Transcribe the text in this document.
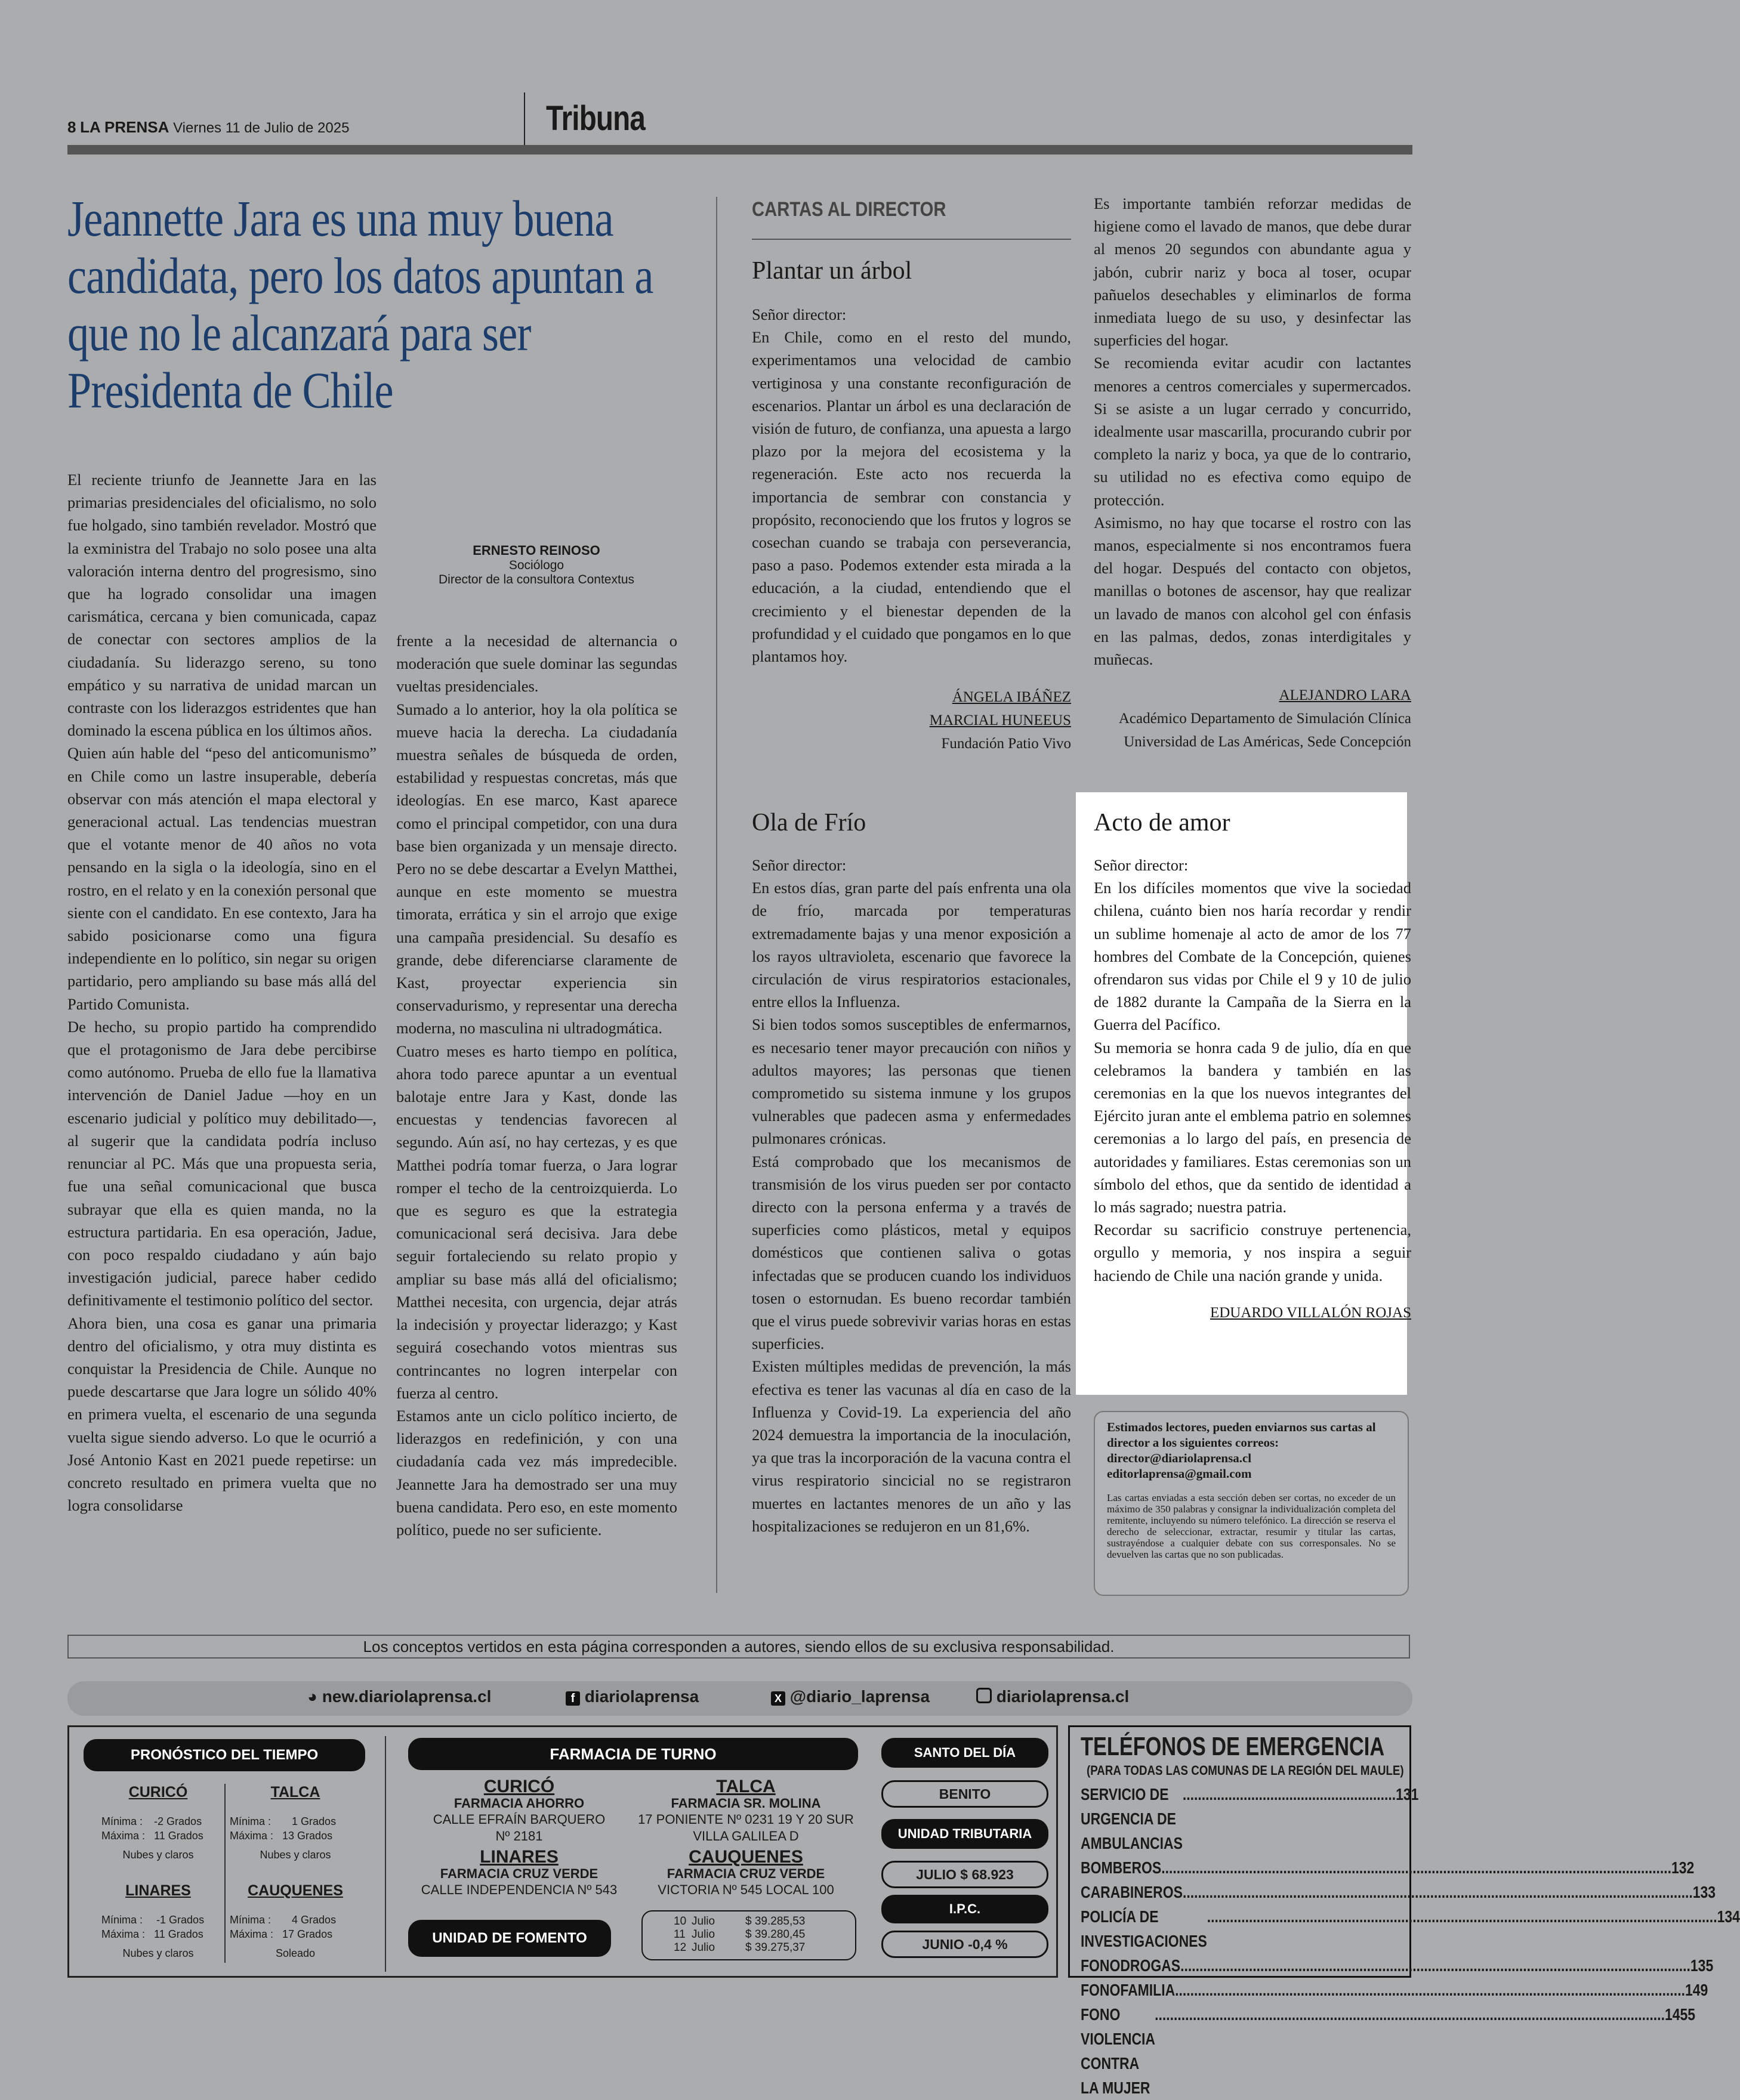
8 LA PRENSA Viernes 11 de Julio de 2025	Tribuna
Jeannette Jara es una muy buena candidata, pero los datos apuntan a que no le alcanzará para ser Presidenta de Chile
ERNESTO REINOSO
Sociólogo
Director de la consultora Contextus

El reciente triunfo de Jeannette Jara en las primarias presidenciales del oficialismo, no solo fue holgado, sino también revelador. Mostró que la exministra del Trabajo no solo posee una alta valoración interna dentro del progresismo, sino que ha logrado consolidar una imagen carismática, cercana y bien comunicada, capaz de conectar con sectores amplios de la ciudadanía. Su liderazgo sereno, su tono empático y su narrativa de unidad marcan un contraste con los liderazgos estridentes que han dominado la escena pública en los últimos años.

Quien aún hable del “peso del anticomunismo” en Chile como un lastre insuperable, debería observar con más atención el mapa electoral y generacional actual. Las tendencias muestran que el votante menor de 40 años no vota pensando en la sigla o la ideología, sino en el rostro, en el relato y en la conexión personal que siente con el candidato. En ese contexto, Jara ha sabido posicionarse como una figura independiente en lo político, sin negar su origen partidario, pero ampliando su base más allá del Partido Comunista.

De hecho, su propio partido ha comprendido que el protagonismo de Jara debe percibirse como autónomo. Prueba de ello fue la llamativa intervención de Daniel Jadue —hoy en un escenario judicial y político muy debilitado—, al sugerir que la candidata podría incluso renunciar al PC. Más que una propuesta seria, fue una señal comunicacional que busca subrayar que ella es quien manda, no la estructura partidaria. En esa operación, Jadue, con poco respaldo ciudadano y aún bajo investigación judicial, parece haber cedido definitivamente el testimonio político del sector.

Ahora bien, una cosa es ganar una primaria dentro del oficialismo, y otra muy distinta es conquistar la Presidencia de Chile. Aunque no puede descartarse que Jara logre un sólido 40% en primera vuelta, el escenario de una segunda vuelta sigue siendo adverso. Lo que le ocurrió a José Antonio Kast en 2021 puede repetirse: un concreto resultado en primera vuelta que no logra consolidarse

frente a la necesidad de alternancia o moderación que suele dominar las segundas vueltas presidenciales.

Sumado a lo anterior, hoy la ola política se mueve hacia la derecha. La ciudadanía muestra señales de búsqueda de orden, estabilidad y respuestas concretas, más que ideologías. En ese marco, Kast aparece como el principal competidor, con una dura base bien organizada y un mensaje directo. Pero no se debe descartar a Evelyn Matthei, aunque en este momento se muestra timorata, errática y sin el arrojo que exige una campaña presidencial. Su desafío es grande, debe diferenciarse claramente de Kast, proyectar experiencia sin conservadurismo, y representar una derecha moderna, no masculina ni ultradogmática.

Cuatro meses es harto tiempo en política, ahora todo parece apuntar a un eventual balotaje entre Jara y Kast, donde las encuestas y tendencias favorecen al segundo. Aún así, no hay certezas, y es que Matthei podría tomar fuerza, o Jara lograr romper el techo de la centroizquierda. Lo que es seguro es que la estrategia comunicacional será decisiva. Jara debe seguir fortaleciendo su relato propio y ampliar su base más allá del oficialismo; Matthei necesita, con urgencia, dejar atrás la indecisión y proyectar liderazgo; y Kast seguirá cosechando votos mientras sus contrincantes no logren interpelar con fuerza al centro.

Estamos ante un ciclo político incierto, de liderazgos en redefinición, y con una ciudadanía cada vez más impredecible. Jeannette Jara ha demostrado ser una muy buena candidata. Pero eso, en este momento político, puede no ser suficiente.

CARTAS AL DIRECTOR
Plantar un árbol

Señor director:

En Chile, como en el resto del mundo, experimentamos una velocidad de cambio vertiginosa y una constante reconfiguración de escenarios. Plantar un árbol es una declaración de visión de futuro, de confianza, una apuesta a largo plazo por la mejora del ecosistema y la regeneración. Este acto nos recuerda la importancia de sembrar con constancia y propósito, reconociendo que los frutos y logros se cosechan cuando se trabaja con perseverancia, paso a paso. Podemos extender esta mirada a la educación, a la ciudad, entendiendo que el crecimiento y el bienestar dependen de la profundidad y el cuidado que pongamos en lo que plantamos hoy.

ÁNGELA IBÁÑEZ
MARCIAL HUNEEUS
Fundación Patio Vivo

Es importante también reforzar medidas de higiene como el lavado de manos, que debe durar al menos 20 segundos con abundante agua y jabón, cubrir nariz y boca al toser, ocupar pañuelos desechables y eliminarlos de forma inmediata luego de su uso, y desinfectar las superficies del hogar.

Se recomienda evitar acudir con lactantes menores a centros comerciales y supermercados. Si se asiste a un lugar cerrado y concurrido, idealmente usar mascarilla, procurando cubrir por completo la nariz y boca, ya que de lo contrario, su utilidad no es efectiva como equipo de protección.

Asimismo, no hay que tocarse el rostro con las manos, especialmente si nos encontramos fuera del hogar. Después del contacto con objetos, manillas o botones de ascensor, hay que realizar un lavado de manos con alcohol gel con énfasis en las palmas, dedos, zonas interdigitales y muñecas.

ALEJANDRO LARA
Académico Departamento de Simulación Clínica
Universidad de Las Américas, Sede Concepción
Ola de Frío

Señor director:

En estos días, gran parte del país enfrenta una ola de frío, marcada por temperaturas extremadamente bajas y una menor exposición a los rayos ultravioleta, escenario que favorece la circulación de virus respiratorios estacionales, entre ellos la Influenza.

Si bien todos somos susceptibles de enfermarnos, es necesario tener mayor precaución con niños y adultos mayores; las personas que tienen comprometido su sistema inmune y los grupos vulnerables que padecen asma y enfermedades pulmonares crónicas.

Está comprobado que los mecanismos de transmisión de los virus pueden ser por contacto directo con la persona enferma y a través de superficies como plásticos, metal y equipos domésticos que contienen saliva o gotas infectadas que se producen cuando los individuos tosen o estornudan. Es bueno recordar también que el virus puede sobrevivir varias horas en estas superficies.

Existen múltiples medidas de prevención, la más efectiva es tener las vacunas al día en caso de la Influenza y Covid-19. La experiencia del año 2024 demuestra la importancia de la inoculación, ya que tras la incorporación de la vacuna contra el virus respiratorio sincicial no se registraron muertes en lactantes menores de un año y las hospitalizaciones se redujeron en un 81,6%.

Acto de amor

Señor director:

En los difíciles momentos que vive la sociedad chilena, cuánto bien nos haría recordar y rendir un sublime homenaje al acto de amor de los 77 hombres del Combate de la Concepción, quienes ofrendaron sus vidas por Chile el 9 y 10 de julio de 1882 durante la Campaña de la Sierra en la Guerra del Pacífico.

Su memoria se honra cada 9 de julio, día en que celebramos la bandera y también en las ceremonias en la que los nuevos integrantes del Ejército juran ante el emblema patrio en solemnes ceremonias a lo largo del país, en presencia de autoridades y familiares. Estas ceremonias son un símbolo del ethos, que da sentido de identidad a lo más sagrado; nuestra patria.

Recordar su sacrificio construye pertenencia, orgullo y memoria, y nos inspira a seguir haciendo de Chile una nación grande y unida.

EDUARDO VILLALÓN ROJAS
Estimados lectores, pueden enviarnos sus cartas al director a los siguientes correos:
director@diariolaprensa.cl
editorlaprensa@gmail.com
Las cartas enviadas a esta sección deben ser cortas, no exceder de un máximo de 350 palabras y consignar la individualización completa del remitente, incluyendo su número telefónico. La dirección se reserva el derecho de seleccionar, extractar, resumir y titular las cartas, sustrayéndose a cualquier debate con sus corresponsales. No se devuelven las cartas que no son publicadas.
Los conceptos vertidos en esta página corresponden a autores, siendo ellos de su exclusiva responsabilidad.
◕ new.diariolaprensa.cl	f diariolaprensa	X @diario_laprensa	diariolaprensa.cl
PRONÓSTICO DEL TIEMPO
CURICÓ
Mínima : -2 Grados
Máxima : 11 Grados
Nubes y claros
TALCA
Mínima : 1 Grados
Máxima : 13 Grados
Nubes y claros
LINARES
Mínima : -1 Grados
Máxima : 11 Grados
Nubes y claros
CAUQUENES
Mínima : 4 Grados
Máxima : 17 Grados
Soleado
FARMACIA DE TURNO
CURICÓ
FARMACIA AHORRO
CALLE EFRAÍN BARQUERO
Nº 2181
TALCA
FARMACIA SR. MOLINA
17 PONIENTE Nº 0231 19 Y 20 SUR
VILLA GALILEA D
LINARES
FARMACIA CRUZ VERDE
CALLE INDEPENDENCIA Nº 543
CAUQUENES
FARMACIA CRUZ VERDE
VICTORIA Nº 545 LOCAL 100
UNIDAD DE FOMENTO
10 Julio	$ 39.285,53
11 Julio	$ 39.280,45
12 Julio	$ 39.275,37
SANTO DEL DÍA
BENITO
UNIDAD TRIBUTARIA
JULIO $ 68.923
I.P.C.
JUNIO -0,4 %
TELÉFONOS DE EMERGENCIA
(PARA TODAS LAS COMUNAS DE LA REGIÓN DEL MAULE)
SERVICIO DE URGENCIA DE AMBULANCIAS
........................................................ 131
BOMBEROS ...................................................................................................................................... 132
CARABINEROS ...................................................................................................................................... 133
POLICÍA DE INVESTIGACIONES
...................................................................................................................................... 134
FONODROGAS ...................................................................................................................................... 135
FONOFAMILIA ...................................................................................................................................... 149
FONO VIOLENCIA CONTRA LA MUJER
...................................................................................................................................... 1455
